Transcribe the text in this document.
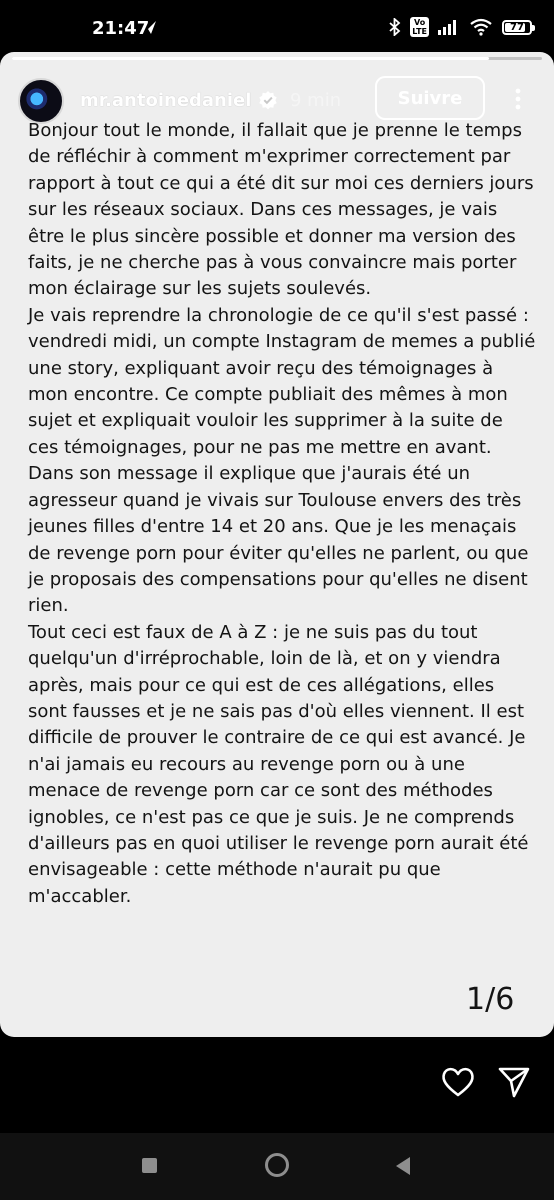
21:47	Vo
LTE	77
mr.antoinedaniel 9 min	Suivre

Bonjour tout le monde, il fallait que je prenne le temps de réfléchir à comment m'exprimer correctement par rapport à tout ce qui a été dit sur moi ces derniers jours sur les réseaux sociaux. Dans ces messages, je vais être le plus sincère possible et donner ma version des faits, je ne cherche pas à vous convaincre mais porter mon éclairage sur les sujets soulevés.

Je vais reprendre la chronologie de ce qu'il s'est passé : vendredi midi, un compte Instagram de memes a publié une story, expliquant avoir reçu des témoignages à mon encontre. Ce compte publiait des mêmes à mon sujet et expliquait vouloir les supprimer à la suite de ces témoignages, pour ne pas me mettre en avant.

Dans son message il explique que j'aurais été un agresseur quand je vivais sur Toulouse envers des très jeunes filles d'entre 14 et 20 ans. Que je les menaçais de revenge porn pour éviter qu'elles ne parlent, ou que je proposais des compensations pour qu'elles ne disent rien.

Tout ceci est faux de A à Z : je ne suis pas du tout quelqu'un d'irréprochable, loin de là, et on y viendra après, mais pour ce qui est de ces allégations, elles sont fausses et je ne sais pas d'où elles viennent. Il est difficile de prouver le contraire de ce qui est avancé. Je n'ai jamais eu recours au revenge porn ou à une menace de revenge porn car ce sont des méthodes ignobles, ce n'est pas ce que je suis. Je ne comprends d'ailleurs pas en quoi utiliser le revenge porn aurait été envisageable : cette méthode n'aurait pu que m'accabler.

1/6
